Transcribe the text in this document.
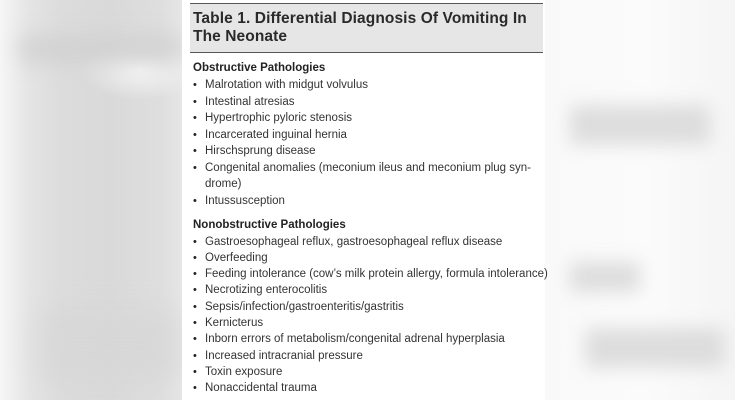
Table 1. Differential Diagnosis Of Vomiting In The Neonate
Obstructive Pathologies
• Malrotation with midgut volvulus
• Intestinal atresias
• Hypertrophic pyloric stenosis
• Incarcerated inguinal hernia
• Hirschsprung disease
• Congenital anomalies (meconium ileus and meconium plug syn-
drome)
• Intussusception
Nonobstructive Pathologies
• Gastroesophageal reflux, gastroesophageal reflux disease
• Overfeeding
• Feeding intolerance (cow’s milk protein allergy, formula intolerance)
• Necrotizing enterocolitis
• Sepsis/infection/gastroenteritis/gastritis
• Kernicterus
• Inborn errors of metabolism/congenital adrenal hyperplasia
• Increased intracranial pressure
• Toxin exposure
• Nonaccidental trauma
